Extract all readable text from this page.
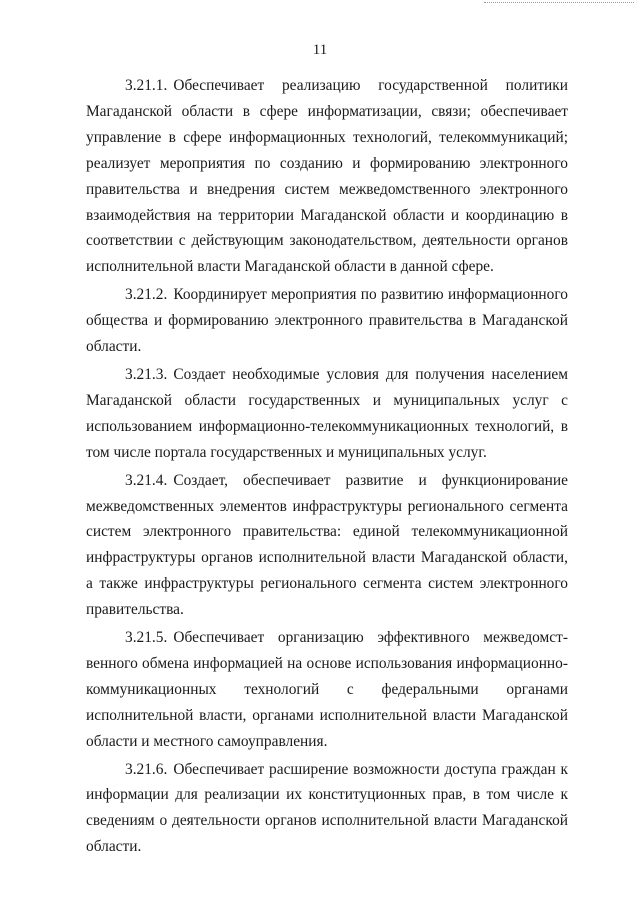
11

3.21.1. Обеспечивает реализацию государственной политики Магаданской области в сфере информатизации, связи; обеспечивает управление в сфере информационных технологий, телекоммуникаций; реализует мероприятия по созданию и формированию электронного правительства и внедрения систем межведомственного электронного взаимодействия на территории Магаданской области и координацию в соответствии с действующим законодательством, деятельности органов исполнительной власти Магаданской области в данной сфере.

3.21.2. Координирует мероприятия по развитию информационного общества и формированию электронного правительства в Магаданской области.

3.21.3. Создает необходимые условия для получения населением Магаданской области государственных и муниципальных услуг с использованием информационно-телекоммуникационных технологий, в том числе портала государственных и муниципальных услуг.

3.21.4. Создает, обеспечивает развитие и функционирование межведомственных элементов инфраструктуры регионального сегмента систем электронного правительства: единой телекоммуникационной инфраструктуры органов исполнительной власти Магаданской области, а также инфраструктуры регионального сегмента систем электронного правительства.

3.21.5. Обеспечивает организацию эффективного межведомственного обмена информацией на основе использования информационно-коммуникационных технологий с федеральными органами исполнительной власти, органами исполнительной власти Магаданской области и местного самоуправления.

3.21.6. Обеспечивает расширение возможности доступа граждан к информации для реализации их конституционных прав, в том числе к сведениям о деятельности органов исполнительной власти Магаданской области.
